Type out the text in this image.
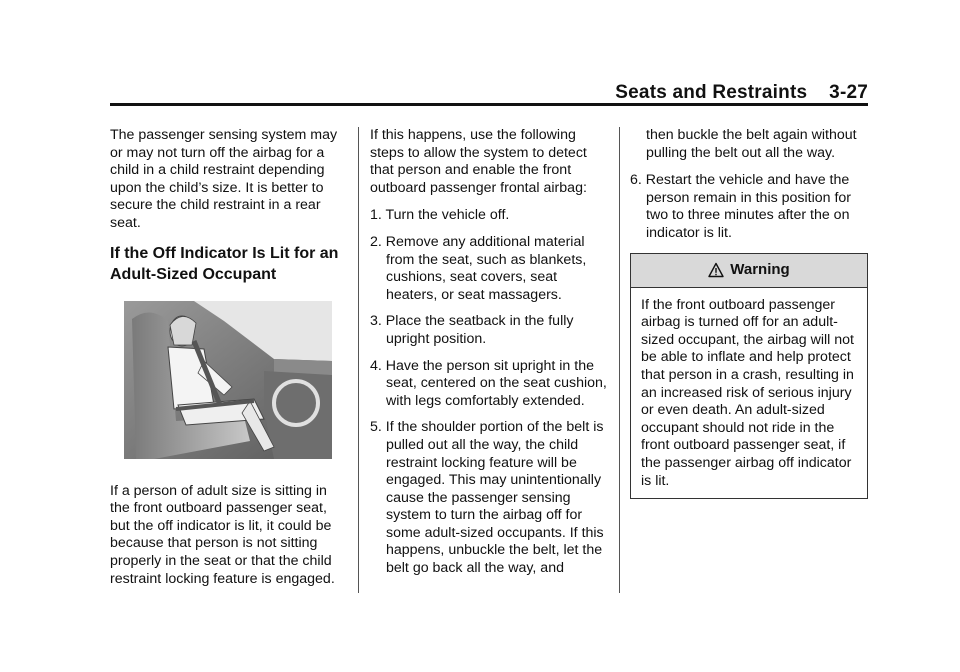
Seats and Restraints 3-27

The passenger sensing system may or may not turn off the airbag for a child in a child restraint depending upon the child’s size. It is better to secure the child restraint in a rear seat.

If the Off Indicator Is Lit for an Adult-Sized Occupant

If a person of adult size is sitting in the front outboard passenger seat, but the off indicator is lit, it could be because that person is not sitting properly in the seat or that the child restraint locking feature is engaged.

If this happens, use the following steps to allow the system to detect that person and enable the front outboard passenger frontal airbag:

1. Turn the vehicle off.

2. Remove any additional material from the seat, such as blankets, cushions, seat covers, seat heaters, or seat massagers.

3. Place the seatback in the fully upright position.

4. Have the person sit upright in the seat, centered on the seat cushion, with legs comfortably extended.

5. If the shoulder portion of the belt is pulled out all the way, the child restraint locking feature will be engaged. This may unintentionally cause the passenger sensing system to turn the airbag off for some adult-sized occupants. If this happens, unbuckle the belt, let the belt go back all the way, and

then buckle the belt again without pulling the belt out all the way.

6. Restart the vehicle and have the person remain in this position for two to three minutes after the on indicator is lit.

Warning
If the front outboard passenger airbag is turned off for an adult-sized occupant, the airbag will not be able to inflate and help protect that person in a crash, resulting in an increased risk of serious injury or even death. An adult-sized occupant should not ride in the front outboard passenger seat, if the passenger airbag off indicator is lit.
